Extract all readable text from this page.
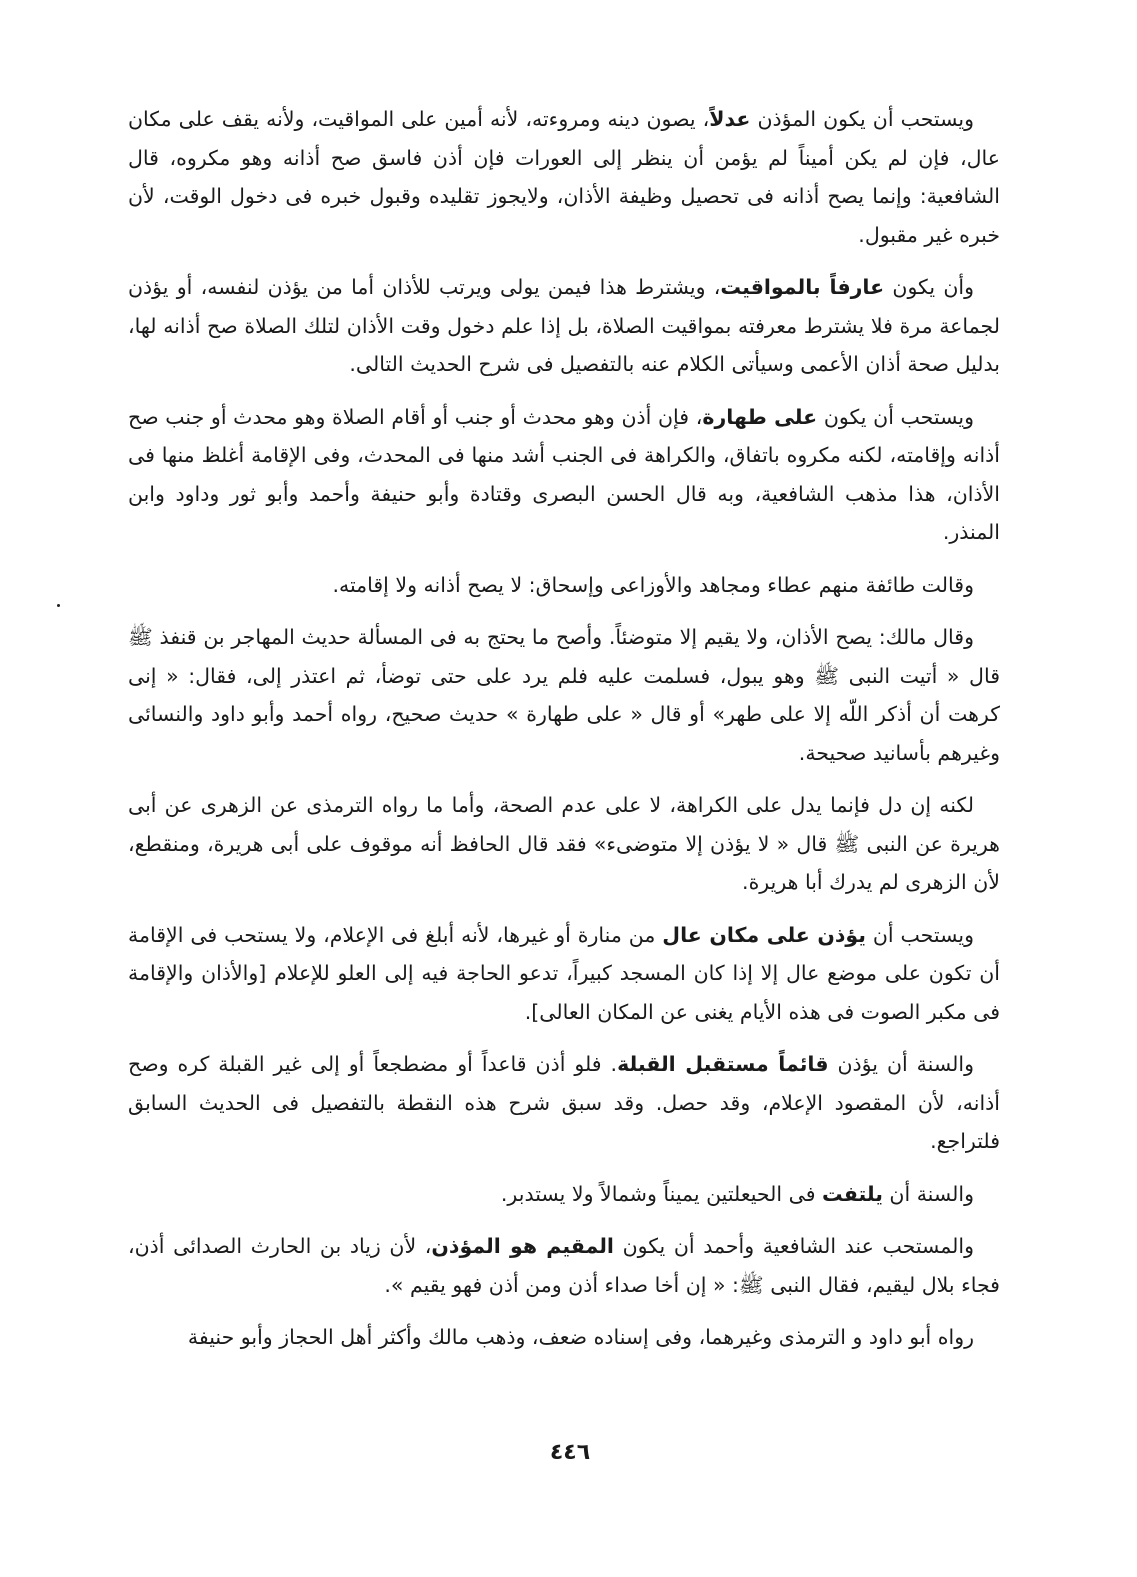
ويستحب أن يكون المؤذن عدلاً، يصون دينه ومروءته، لأنه أمين على المواقيت، ولأنه يقف على مكان عال، فإن لم يكن أميناً لم يؤمن أن ينظر إلى العورات فإن أذن فاسق صح أذانه وهو مكروه، قال الشافعية: وإنما يصح أذانه فى تحصيل وظيفة الأذان، ولايجوز تقليده وقبول خبره فى دخول الوقت، لأن خبره غير مقبول.

وأن يكون عارفاً بالمواقيت، ويشترط هذا فيمن يولى ويرتب للأذان أما من يؤذن لنفسه، أو يؤذن لجماعة مرة فلا يشترط معرفته بمواقيت الصلاة، بل إذا علم دخول وقت الأذان لتلك الصلاة صح أذانه لها، بدليل صحة أذان الأعمى وسيأتى الكلام عنه بالتفصيل فى شرح الحديث التالى.

ويستحب أن يكون على طهارة، فإن أذن وهو محدث أو جنب أو أقام الصلاة وهو محدث أو جنب صح أذانه وإقامته، لكنه مكروه باتفاق، والكراهة فى الجنب أشد منها فى المحدث، وفى الإقامة أغلظ منها فى الأذان، هذا مذهب الشافعية، وبه قال الحسن البصرى وقتادة وأبو حنيفة وأحمد وأبو ثور وداود وابن المنذر.

وقالت طائفة منهم عطاء ومجاهد والأوزاعى وإسحاق: لا يصح أذانه ولا إقامته.

وقال مالك: يصح الأذان، ولا يقيم إلا متوضئاً. وأصح ما يحتج به فى المسألة حديث المهاجر بن قنفذ ﷺ قال « أتيت النبى ﷺ وهو يبول، فسلمت عليه فلم يرد على حتى توضأ، ثم اعتذر إلى، فقال: « إنى كرهت أن أذكر اللّه إلا على طهر» أو قال « على طهارة » حديث صحيح، رواه أحمد وأبو داود والنسائى وغيرهم بأسانيد صحيحة.

لكنه إن دل فإنما يدل على الكراهة، لا على عدم الصحة، وأما ما رواه الترمذى عن الزهرى عن أبى هريرة عن النبى ﷺ قال « لا يؤذن إلا متوضىء» فقد قال الحافظ أنه موقوف على أبى هريرة، ومنقطع، لأن الزهرى لم يدرك أبا هريرة.

ويستحب أن يؤذن على مكان عال من منارة أو غيرها، لأنه أبلغ فى الإعلام، ولا يستحب فى الإقامة أن تكون على موضع عال إلا إذا كان المسجد كبيراً، تدعو الحاجة فيه إلى العلو للإعلام [والأذان والإقامة فى مكبر الصوت فى هذه الأيام يغنى عن المكان العالى].

والسنة أن يؤذن قائماً مستقبل القبلة. فلو أذن قاعداً أو مضطجعاً أو إلى غير القبلة كره وصح أذانه، لأن المقصود الإعلام، وقد حصل. وقد سبق شرح هذه النقطة بالتفصيل فى الحديث السابق فلتراجع.

والسنة أن يلتفت فى الحيعلتين يميناً وشمالاً ولا يستدبر.

والمستحب عند الشافعية وأحمد أن يكون المقيم هو المؤذن، لأن زياد بن الحارث الصدائى أذن، فجاء بلال ليقيم، فقال النبى ﷺ: « إن أخا صداء أذن ومن أذن فهو يقيم ».

رواه أبو داود و الترمذى وغيرهما، وفى إسناده ضعف، وذهب مالك وأكثر أهل الحجاز وأبو حنيفة

٤٤٦
